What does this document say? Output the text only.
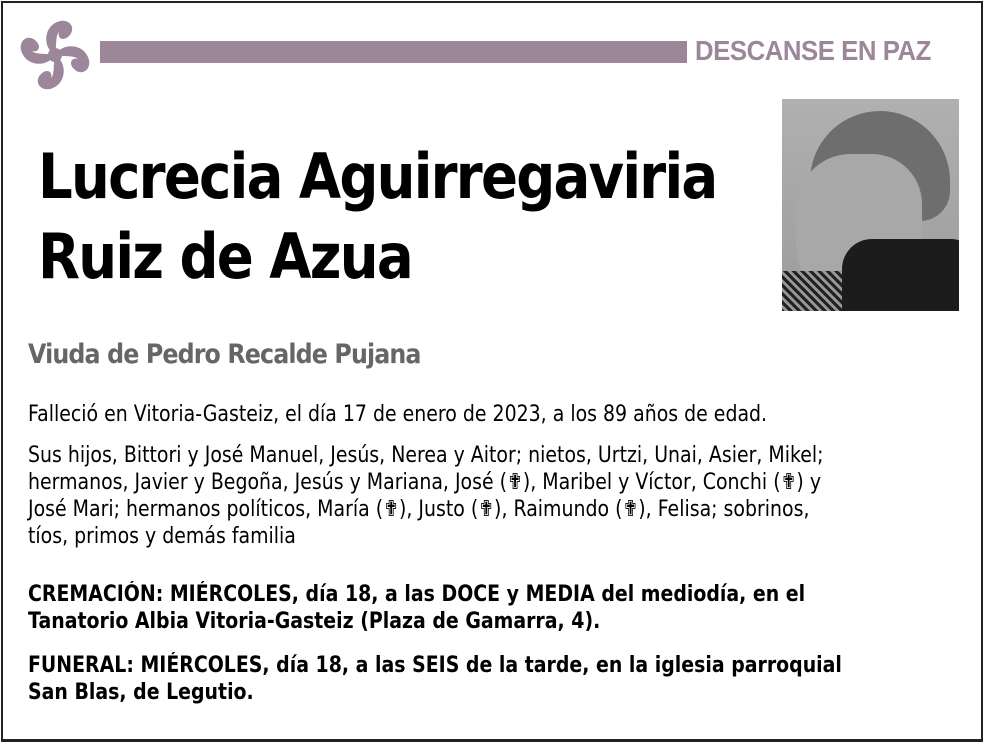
DESCANSE EN PAZ
Lucrecia Aguirregaviria
Ruiz de Azua
Viuda de Pedro Recalde Pujana
Falleció en Vitoria-Gasteiz, el día 17 de enero de 2023, a los 89 años de edad.
Sus hijos, Bittori y José Manuel, Jesús, Nerea y Aitor; nietos, Urtzi, Unai, Asier, Mikel;
hermanos, Javier y Begoña, Jesús y Mariana, José (✟), Maribel y Víctor, Conchi (✟) y
José Mari; hermanos políticos, María (✟), Justo (✟), Raimundo (✟), Felisa; sobrinos,
tíos, primos y demás familia
CREMACIÓN: MIÉRCOLES, día 18, a las DOCE y MEDIA del mediodía, en el
Tanatorio Albia Vitoria-Gasteiz (Plaza de Gamarra, 4).
FUNERAL: MIÉRCOLES, día 18, a las SEIS de la tarde, en la iglesia parroquial
San Blas, de Legutio.
